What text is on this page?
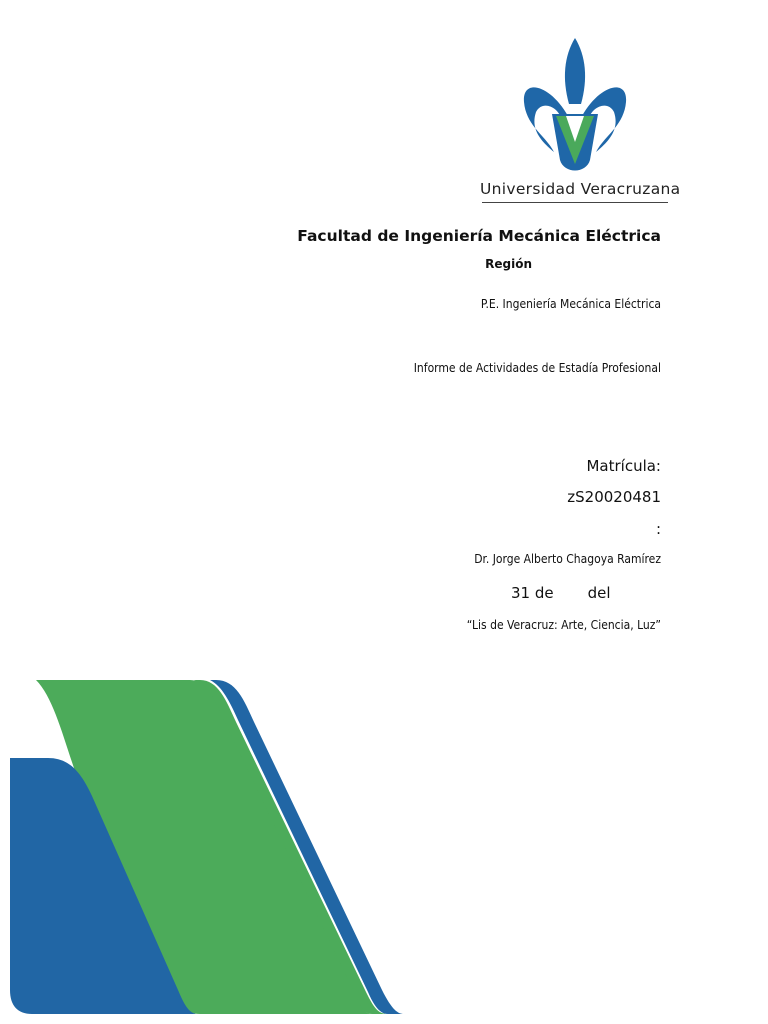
Universidad Veracruzana
Facultad de Ingeniería Mecánica Eléctrica
Región
P.E. Ingeniería Mecánica Eléctrica
Informe de Actividades de Estadía Profesional
Matrícula:
zS20020481
:
Dr. Jorge Alberto Chagoya Ramírez
31 de del
“Lis de Veracruz: Arte, Ciencia, Luz”
